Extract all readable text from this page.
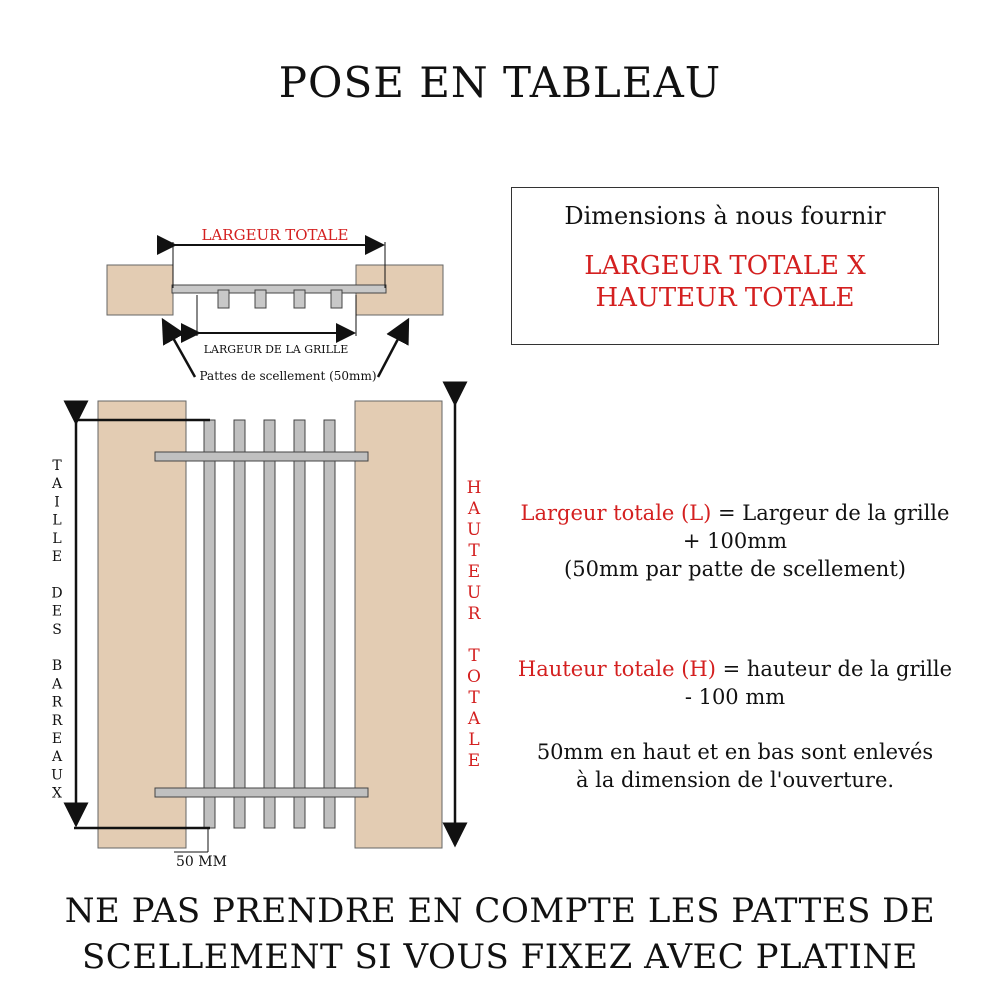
POSE EN TABLEAU
Dimensions à nous fournir
LARGEUR TOTALE X
HAUTEUR TOTALE
LARGEUR TOTALE
LARGEUR DE LA GRILLE
Pattes de scellement (50mm)
50 MM
T A I L L E D E S B A R R E A U X
H A U T E U R T O T A L E
Largeur totale (L) = Largeur de la grille
+ 100mm
(50mm par patte de scellement)
Hauteur totale (H) = hauteur de la grille
- 100 mm
50mm en haut et en bas sont enlevés
à la dimension de l'ouverture.
NE PAS PRENDRE EN COMPTE LES PATTES DE
SCELLEMENT SI VOUS FIXEZ AVEC PLATINE
